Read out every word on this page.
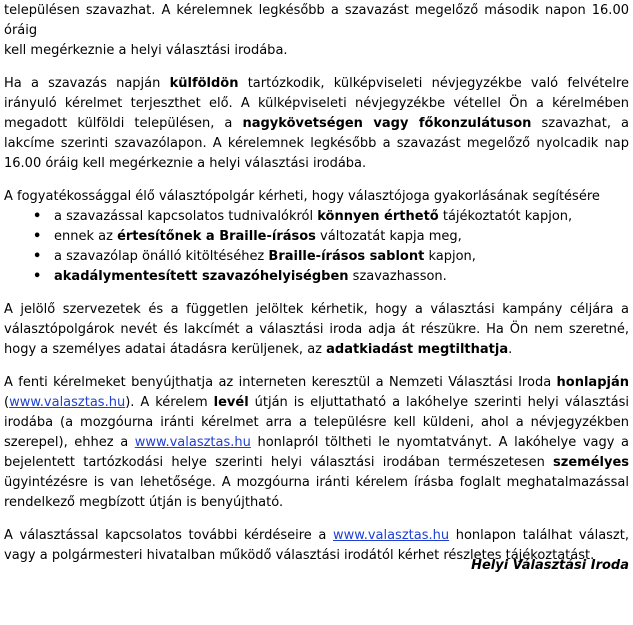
településen szavazhat. A kérelemnek legkésőbb a szavazást megelőző második napon 16.00 óráig
kell megérkeznie a helyi választási irodába.

Ha a szavazás napján külföldön tartózkodik, külképviseleti névjegyzékbe való felvételre irányuló kérelmet terjeszthet elő. A külképviseleti névjegyzékbe vétellel Ön a kérelmében megadott külföldi településen, a nagykövetségen vagy főkonzulátuson szavazhat, a lakcíme szerinti szavazólapon. A kérelemnek legkésőbb a szavazást megelőző nyolcadik nap 16.00 óráig kell megérkeznie a helyi választási irodába.

A fogyatékossággal élő választópolgár kérheti, hogy választójoga gyakorlásának segítésére

• a szavazással kapcsolatos tudnivalókról könnyen érthető tájékoztatót kapjon,
• ennek az értesítőnek a Braille-írásos változatát kapja meg,
• a szavazólap önálló kitöltéséhez Braille-írásos sablont kapjon,
• akadálymentesített szavazóhelyiségben szavazhasson.

A jelölő szervezetek és a független jelöltek kérhetik, hogy a választási kampány céljára a választópolgárok nevét és lakcímét a választási iroda adja át részükre. Ha Ön nem szeretné, hogy a személyes adatai átadásra kerüljenek, az adatkiadást megtilthatja.

A fenti kérelmeket benyújthatja az interneten keresztül a Nemzeti Választási Iroda honlapján (www.valasztas.hu). A kérelem levél útján is eljuttatható a lakóhelye szerinti helyi választási irodába (a mozgóurna iránti kérelmet arra a településre kell küldeni, ahol a névjegyzékben szerepel), ehhez a www.valasztas.hu honlapról töltheti le nyomtatványt. A lakóhelye vagy a bejelentett tartózkodási helye szerinti helyi választási irodában természetesen személyes ügyintézésre is van lehetősége. A mozgóurna iránti kérelem írásba foglalt meghatalmazással rendelkező megbízott útján is benyújtható.

A választással kapcsolatos további kérdéseire a www.valasztas.hu honlapon találhat választ, vagy a polgármesteri hivatalban működő választási irodától kérhet részletes tájékoztatást.

Helyi Választási Iroda
